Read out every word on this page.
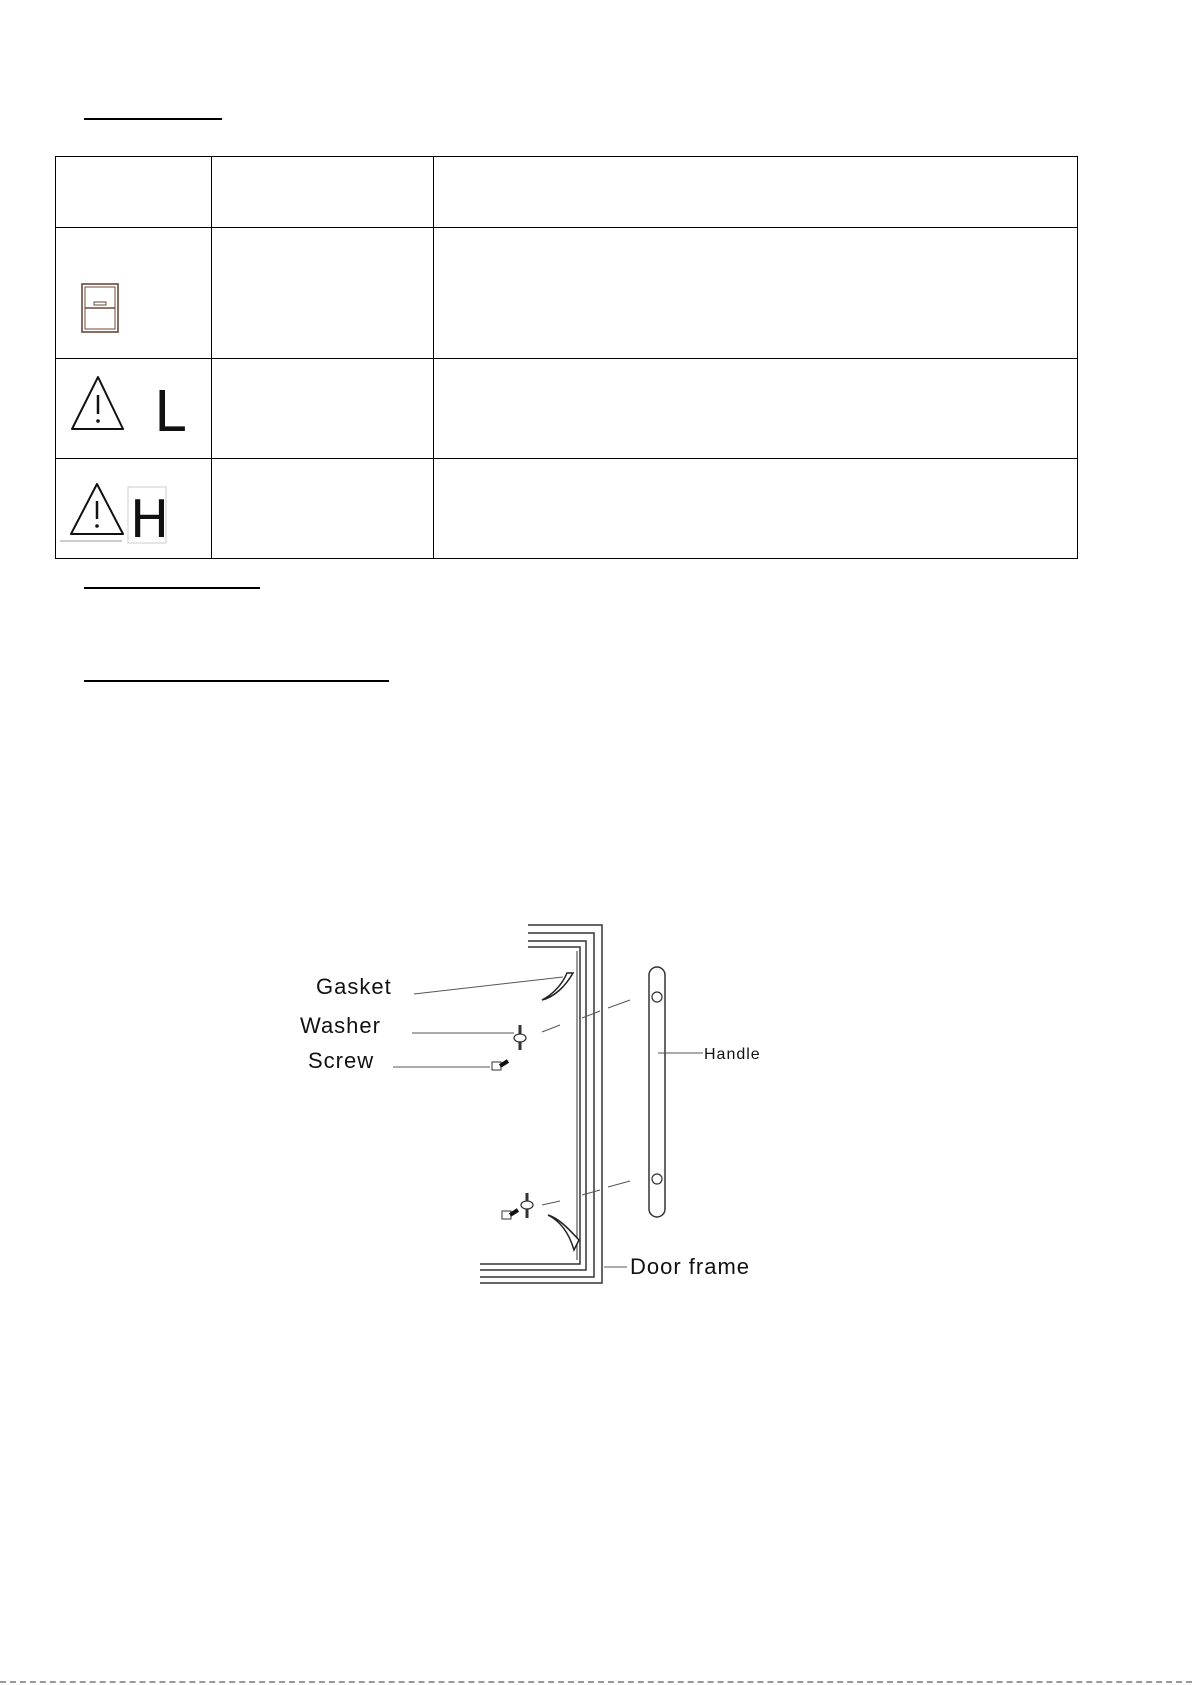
L		

H		

Gasket
Washer
Screw	Handle
Door frame
